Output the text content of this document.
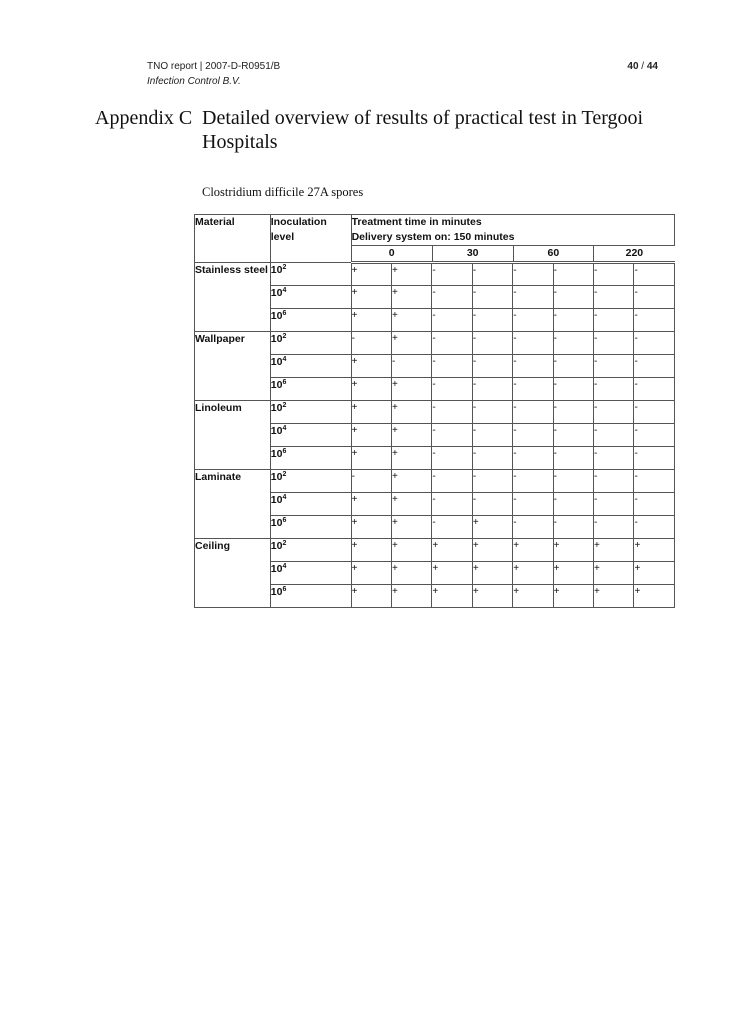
TNO report | 2007-D-R0951/B
Infection Control B.V.
40 / 44
Appendix C Detailed overview of results of practical test in Tergooi Hospitals
Clostridium difficile 27A spores
Material	Inoculation level	
Treatment time in minutes
Delivery system on: 150 minutes

0	30	60	220

Stainless steel	$10^2$	+	+	-	-	-	-	-	-
$10^4$	+	+	-	-	-	-	-	-
$10^6$	+	+	-	-	-	-	-	-
Wallpaper	$10^2$	-	+	-	-	-	-	-	-
$10^4$	+	-	-	-	-	-	-	-
$10^6$	+	+	-	-	-	-	-	-
Linoleum	$10^2$	+	+	-	-	-	-	-	-
$10^4$	+	+	-	-	-	-	-	-
$10^6$	+	+	-	-	-	-	-	-
Laminate	$10^2$	-	+	-	-	-	-	-	-
$10^4$	+	+	-	-	-	-	-	-
$10^6$	+	+	-	+	-	-	-	-
Ceiling	$10^2$	+	+	+	+	+	+	+	+
$10^4$	+	+	+	+	+	+	+	+
$10^6$	+	+	+	+	+	+	+	+
